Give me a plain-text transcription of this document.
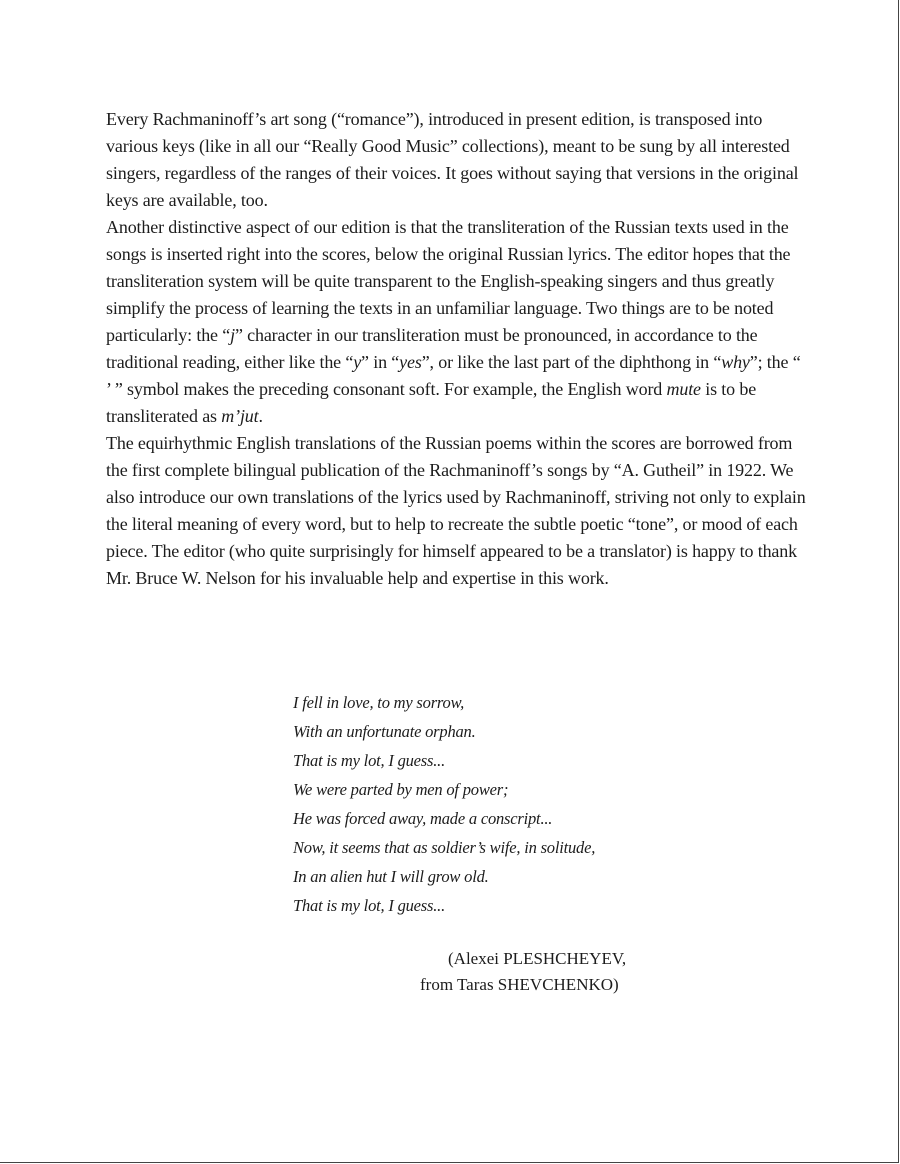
Every Rachmaninoff’s art song (“romance”), introduced in present edition, is transposed into various keys (like in all our “Really Good Music” collections), meant to be sung by all interested singers, regardless of the ranges of their voices. It goes without saying that versions in the original keys are available, too.

Another distinctive aspect of our edition is that the transliteration of the Russian texts used in the songs is inserted right into the scores, below the original Russian lyrics. The editor hopes that the transliteration system will be quite transparent to the English-speaking singers and thus greatly simplify the process of learning the texts in an unfamiliar language. Two things are to be noted particularly: the “j” character in our transliteration must be pronounced, in accordance to the traditional reading, either like the “y” in “yes”, or like the last part of the diphthong in “why”; the “ ’ ” symbol makes the preceding consonant soft. For example, the English word mute is to be transliterated as m’jut.

The equirhythmic English translations of the Russian poems within the scores are borrowed from the first complete bilingual publication of the Rachmaninoff’s songs by “A. Gutheil” in 1922. We also introduce our own translations of the lyrics used by Rachmaninoff, striving not only to explain the literal meaning of every word, but to help to recreate the subtle poetic “tone”, or mood of each piece. The editor (who quite surprisingly for himself appeared to be a translator) is happy to thank
Mr. Bruce W. Nelson for his invaluable help and expertise in this work.

I fell in love, to my sorrow,
With an unfortunate orphan.
That is my lot, I guess...
We were parted by men of power;
He was forced away, made a conscript...
Now, it seems that as soldier’s wife, in solitude,
In an alien hut I will grow old.
That is my lot, I guess...
(Alexei PLESHCHEYEV,
from Taras SHEVCHENKO)
